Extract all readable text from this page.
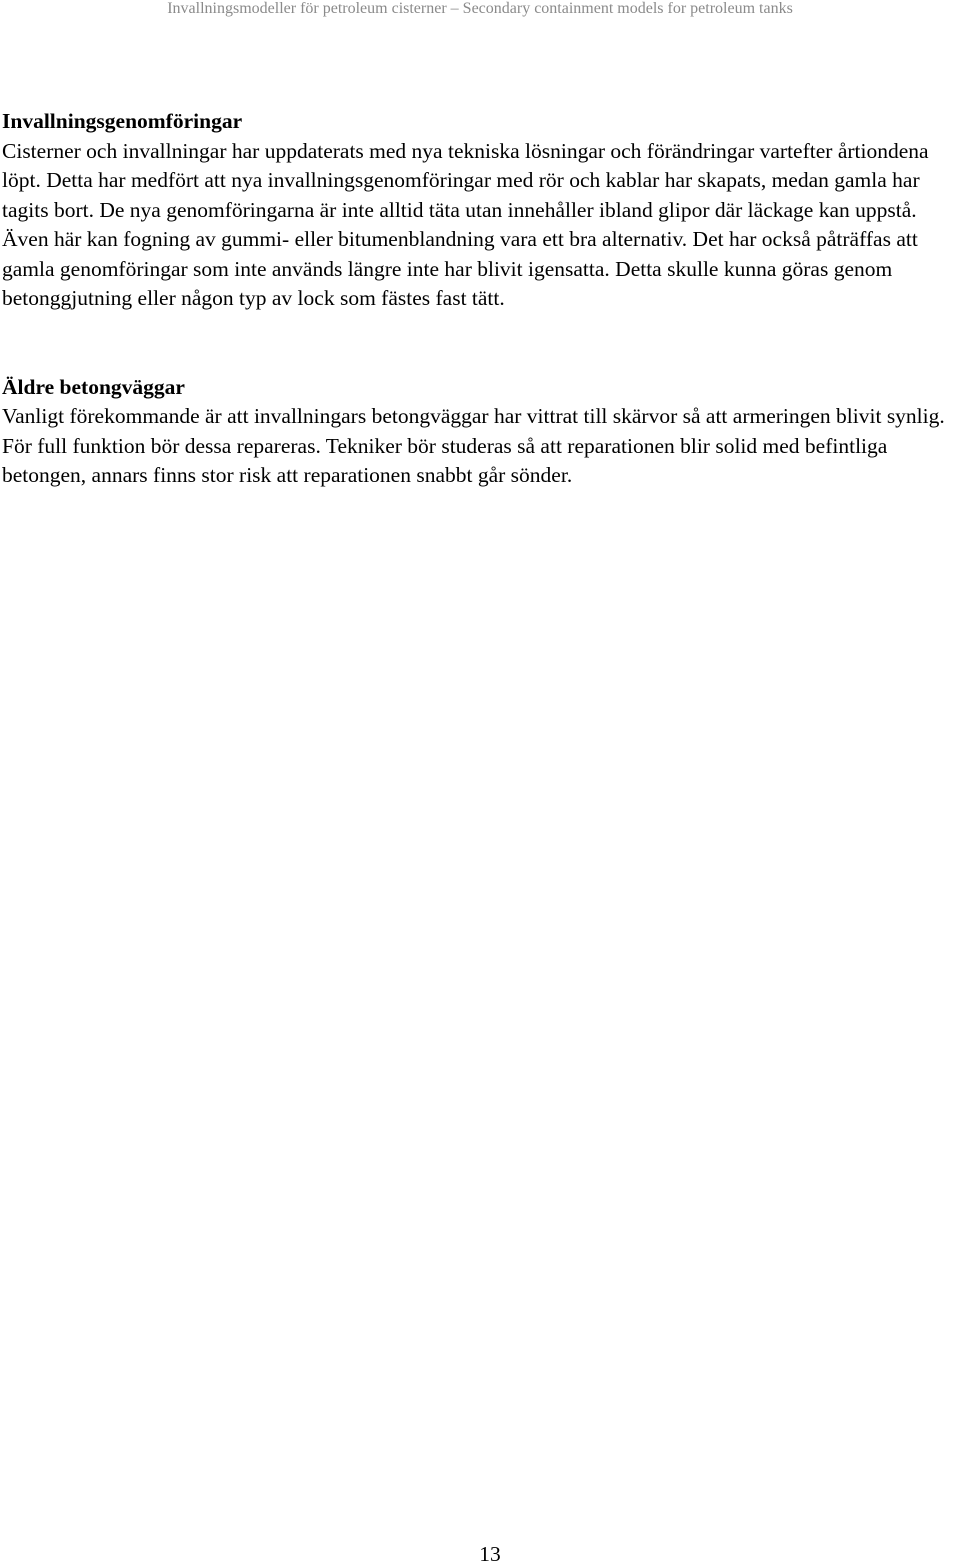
Invallningsmodeller för petroleum cisterner – Secondary containment models for petroleum tanks

Invallningsgenomföringar

Cisterner och invallningar har uppdaterats med nya tekniska lösningar och förändringar vartefter årtiondena löpt. Detta har medfört att nya invallningsgenomföringar med rör och kablar har skapats, medan gamla har tagits bort. De nya genomföringarna är inte alltid täta utan innehåller ibland glipor där läckage kan uppstå. Även här kan fogning av gummi- eller bitumenblandning vara ett bra alternativ. Det har också påträffas att gamla genomföringar som inte används längre inte har blivit igensatta. Detta skulle kunna göras genom betonggjutning eller någon typ av lock som fästes fast tätt.

Äldre betongväggar

Vanligt förekommande är att invallningars betongväggar har vittrat till skärvor så att armeringen blivit synlig. För full funktion bör dessa repareras. Tekniker bör studeras så att reparationen blir solid med befintliga betongen, annars finns stor risk att reparationen snabbt går sönder.

13
